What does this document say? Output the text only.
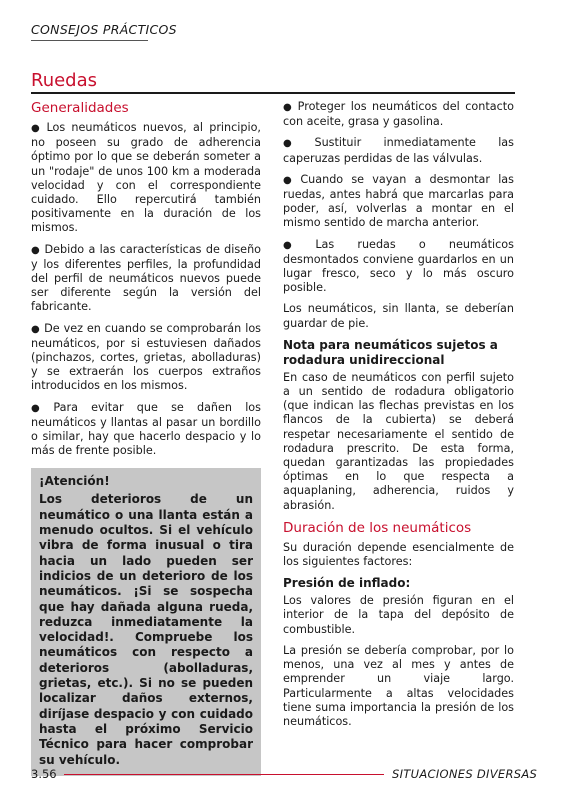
CONSEJOS PRÁCTICOS
Ruedas
Generalidades

● Los neumáticos nuevos, al principio, no poseen su grado de adherencia óptimo por lo que se deberán someter a un "rodaje" de unos 100 km a moderada velocidad y con el correspondiente cuidado. Ello repercutirá también positivamente en la duración de los mismos.

● Debido a las características de diseño y los diferentes perfiles, la profundidad del perfil de neumáticos nuevos puede ser diferente según la versión del fabricante.

● De vez en cuando se comprobarán los neumáticos, por si estuviesen dañados (pinchazos, cortes, grietas, abolladuras) y se extraerán los cuerpos extraños introducidos en los mismos.

● Para evitar que se dañen los neumáticos y llantas al pasar un bordillo o similar, hay que hacerlo despacio y lo más de frente posible.

¡Atención!

Los deterioros de un neumático o una llanta están a menudo ocultos. Si el vehículo vibra de forma inusual o tira hacia un lado pueden ser indicios de un deterioro de los neumáticos. ¡Si se sospecha que hay dañada alguna rueda, reduzca inmediatamente la velocidad!. Compruebe los neumáticos con respecto a deterioros (abolladuras, grietas, etc.). Si no se pueden localizar daños externos, diríjase despacio y con cuidado hasta el próximo Servicio Técnico para hacer comprobar su vehículo.

● Proteger los neumáticos del contacto con aceite, grasa y gasolina.

● Sustituir inmediatamente las caperuzas perdidas de las válvulas.

● Cuando se vayan a desmontar las ruedas, antes habrá que marcarlas para poder, así, volverlas a montar en el mismo sentido de marcha anterior.

● Las ruedas o neumáticos desmontados conviene guardarlos en un lugar fresco, seco y lo más oscuro posible.

Los neumáticos, sin llanta, se deberían guardar de pie.

Nota para neumáticos sujetos a rodadura unidireccional

En caso de neumáticos con perfil sujeto a un sentido de rodadura obligatorio (que indican las flechas previstas en los flancos de la cubierta) se deberá respetar necesariamente el sentido de rodadura prescrito. De esta forma, quedan garantizadas las propiedades óptimas en lo que respecta a aquaplaning, adherencia, ruidos y abrasión.

Duración de los neumáticos

Su duración depende esencialmente de los siguientes factores:

Presión de inflado:

Los valores de presión figuran en el interior de la tapa del depósito de combustible.

La presión se debería comprobar, por lo menos, una vez al mes y antes de emprender un viaje largo. Particularmente a altas velocidades tiene suma importancia la presión de los neumáticos.

3.56	SITUACIONES DIVERSAS
